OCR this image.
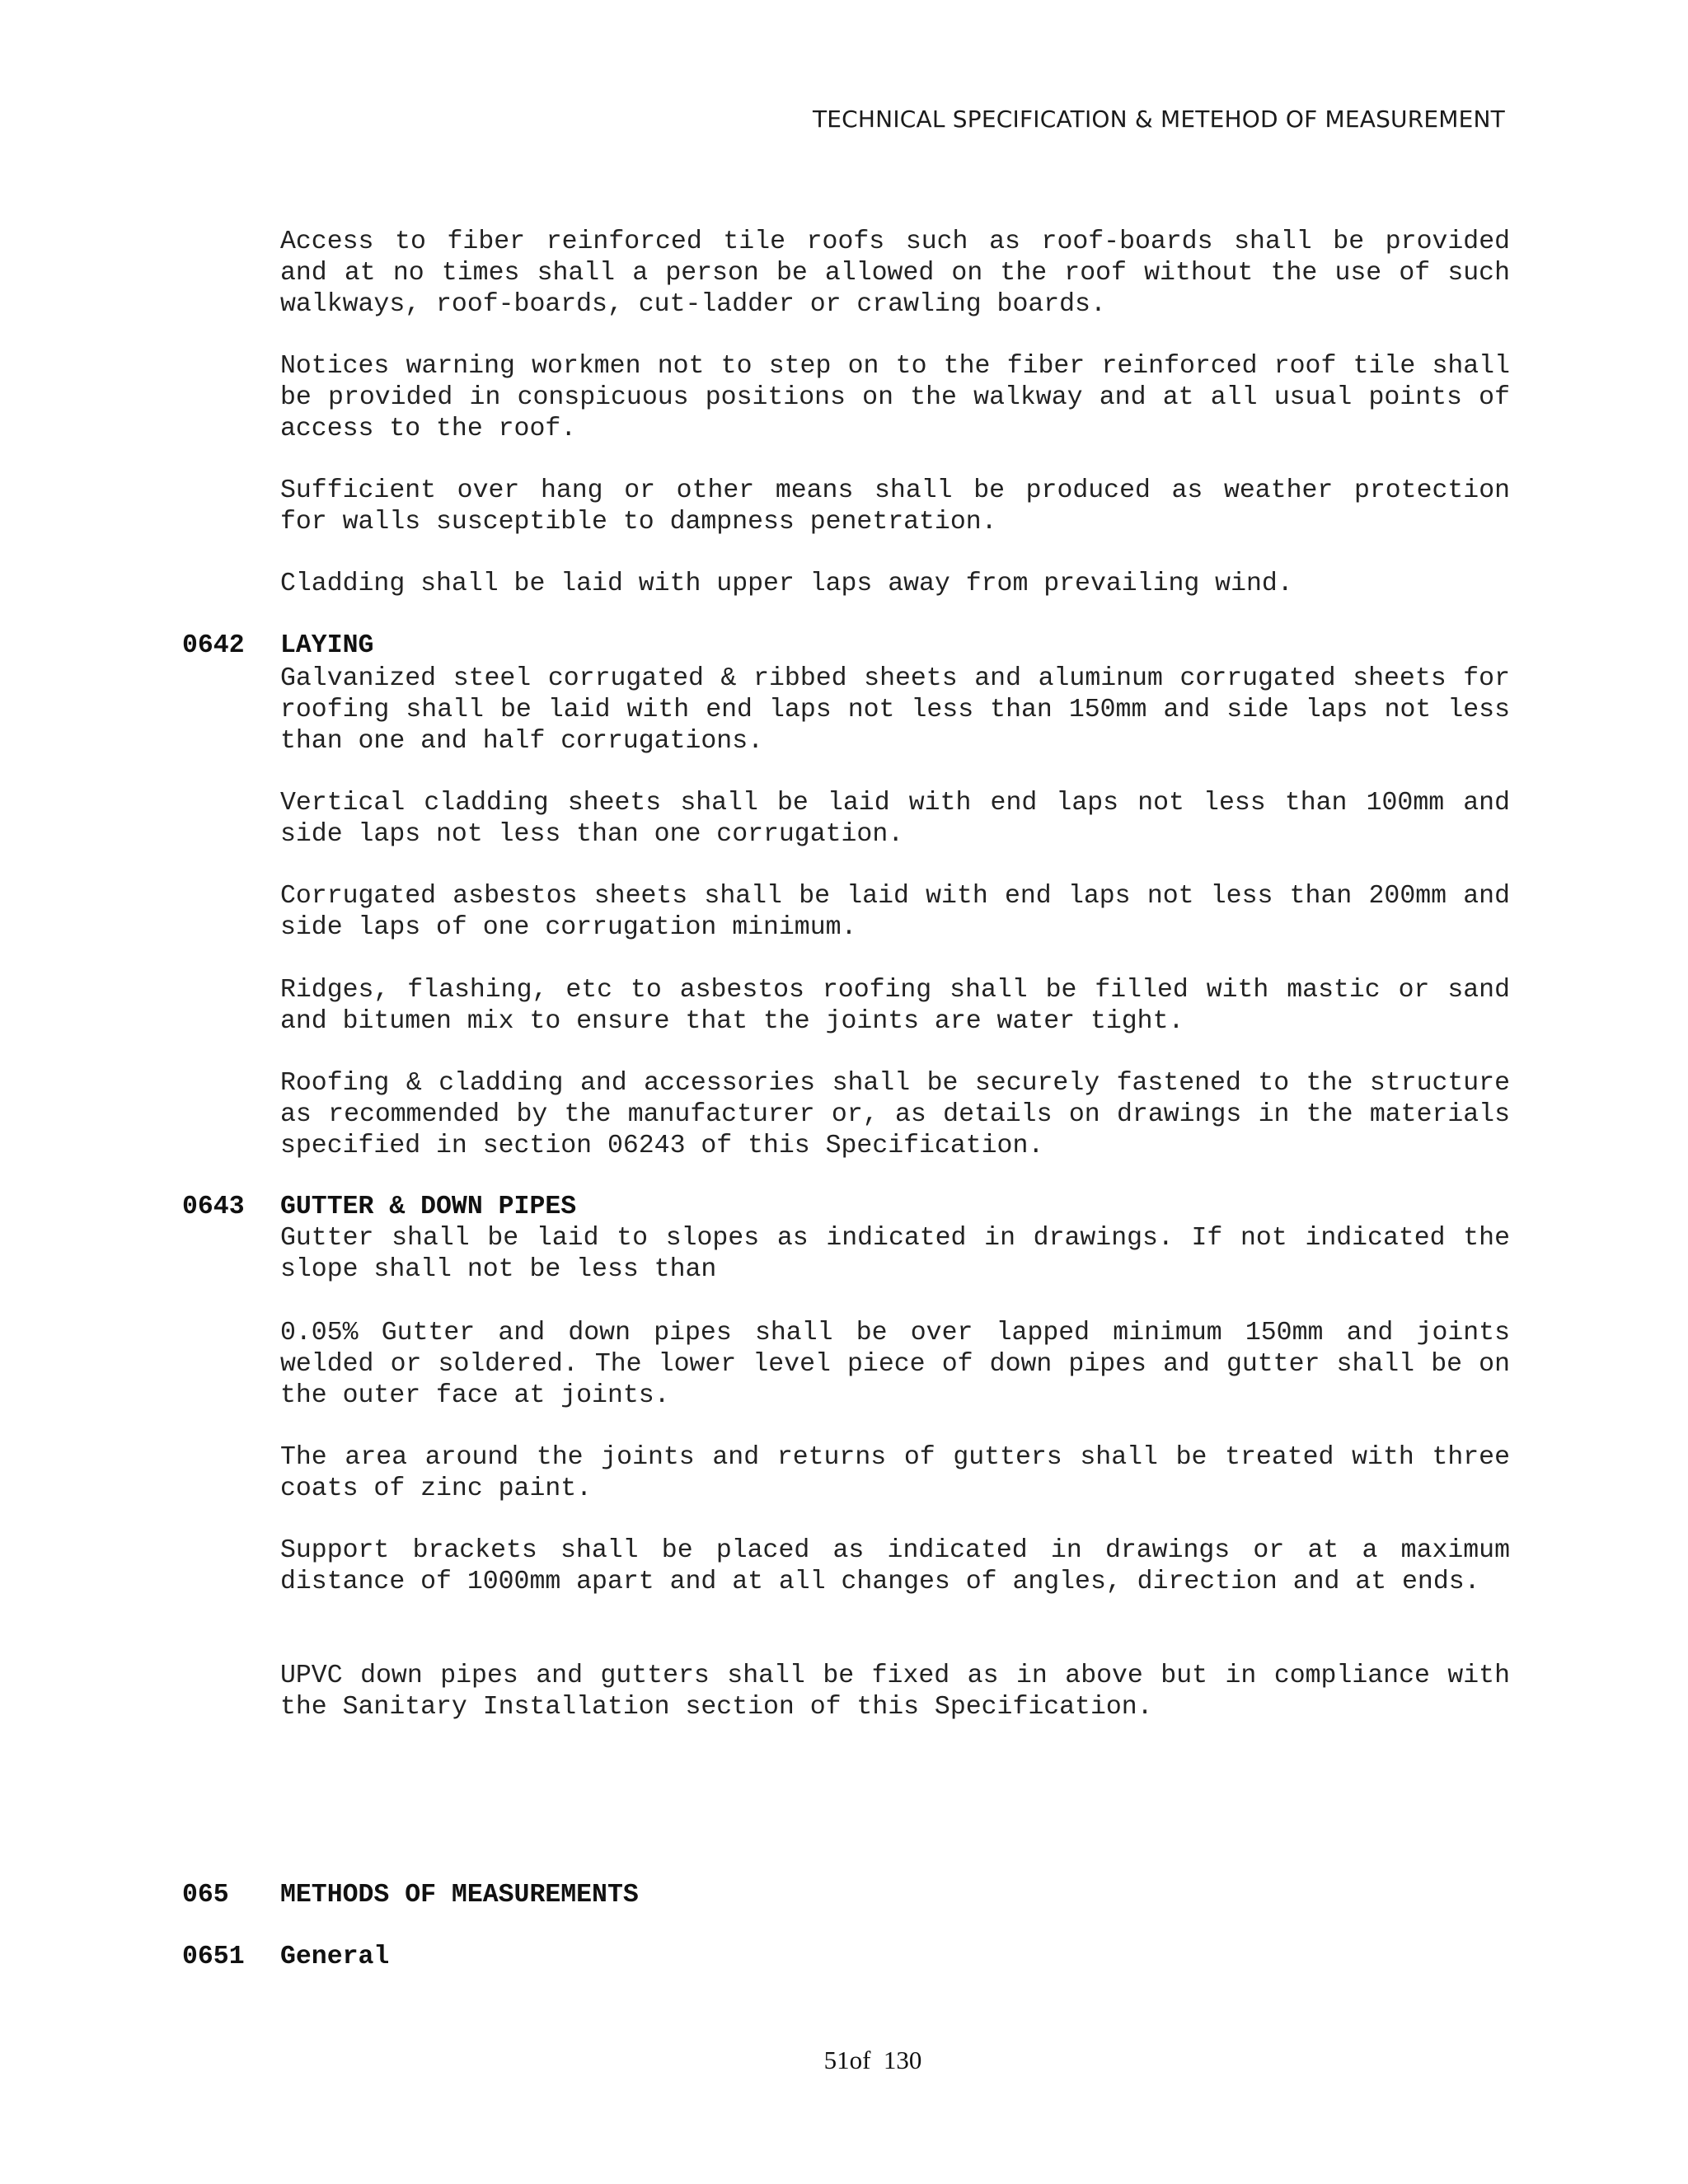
TECHNICAL SPECIFICATION & METEHOD OF MEASUREMENT

Access to fiber reinforced tile roofs such as roof-boards shall be provided and at no times shall a person be allowed on the roof without the use of such walkways, roof-boards, cut-ladder or crawling boards.

Notices warning workmen not to step on to the fiber reinforced roof tile shall be provided in conspicuous positions on the walkway and at all usual points of access to the roof.

Sufficient over hang or other means shall be produced as weather protection for walls susceptible to dampness penetration.

Cladding shall be laid with upper laps away from prevailing wind.

0642 LAYING

Galvanized steel corrugated & ribbed sheets and aluminum corrugated sheets for roofing shall be laid with end laps not less than 150mm and side laps not less than one and half corrugations.

Vertical cladding sheets shall be laid with end laps not less than 100mm and side laps not less than one corrugation.

Corrugated asbestos sheets shall be laid with end laps not less than 200mm and side laps of one corrugation minimum.

Ridges, flashing, etc to asbestos roofing shall be filled with mastic or sand and bitumen mix to ensure that the joints are water tight.

Roofing & cladding and accessories shall be securely fastened to the structure as recommended by the manufacturer or, as details on drawings in the materials specified in section 06243 of this Specification.

0643 GUTTER & DOWN PIPES

Gutter shall be laid to slopes as indicated in drawings. If not indicated the slope shall not be less than

0.05% Gutter and down pipes shall be over lapped minimum 150mm and joints welded or soldered. The lower level piece of down pipes and gutter shall be on the outer face at joints.

The area around the joints and returns of gutters shall be treated with three coats of zinc paint.

Support brackets shall be placed as indicated in drawings or at a maximum distance of 1000mm apart and at all changes of angles, direction and at ends.

UPVC down pipes and gutters shall be fixed as in above but in compliance with the Sanitary Installation section of this Specification.

065 METHODS OF MEASUREMENTS
0651 General
51of 130
